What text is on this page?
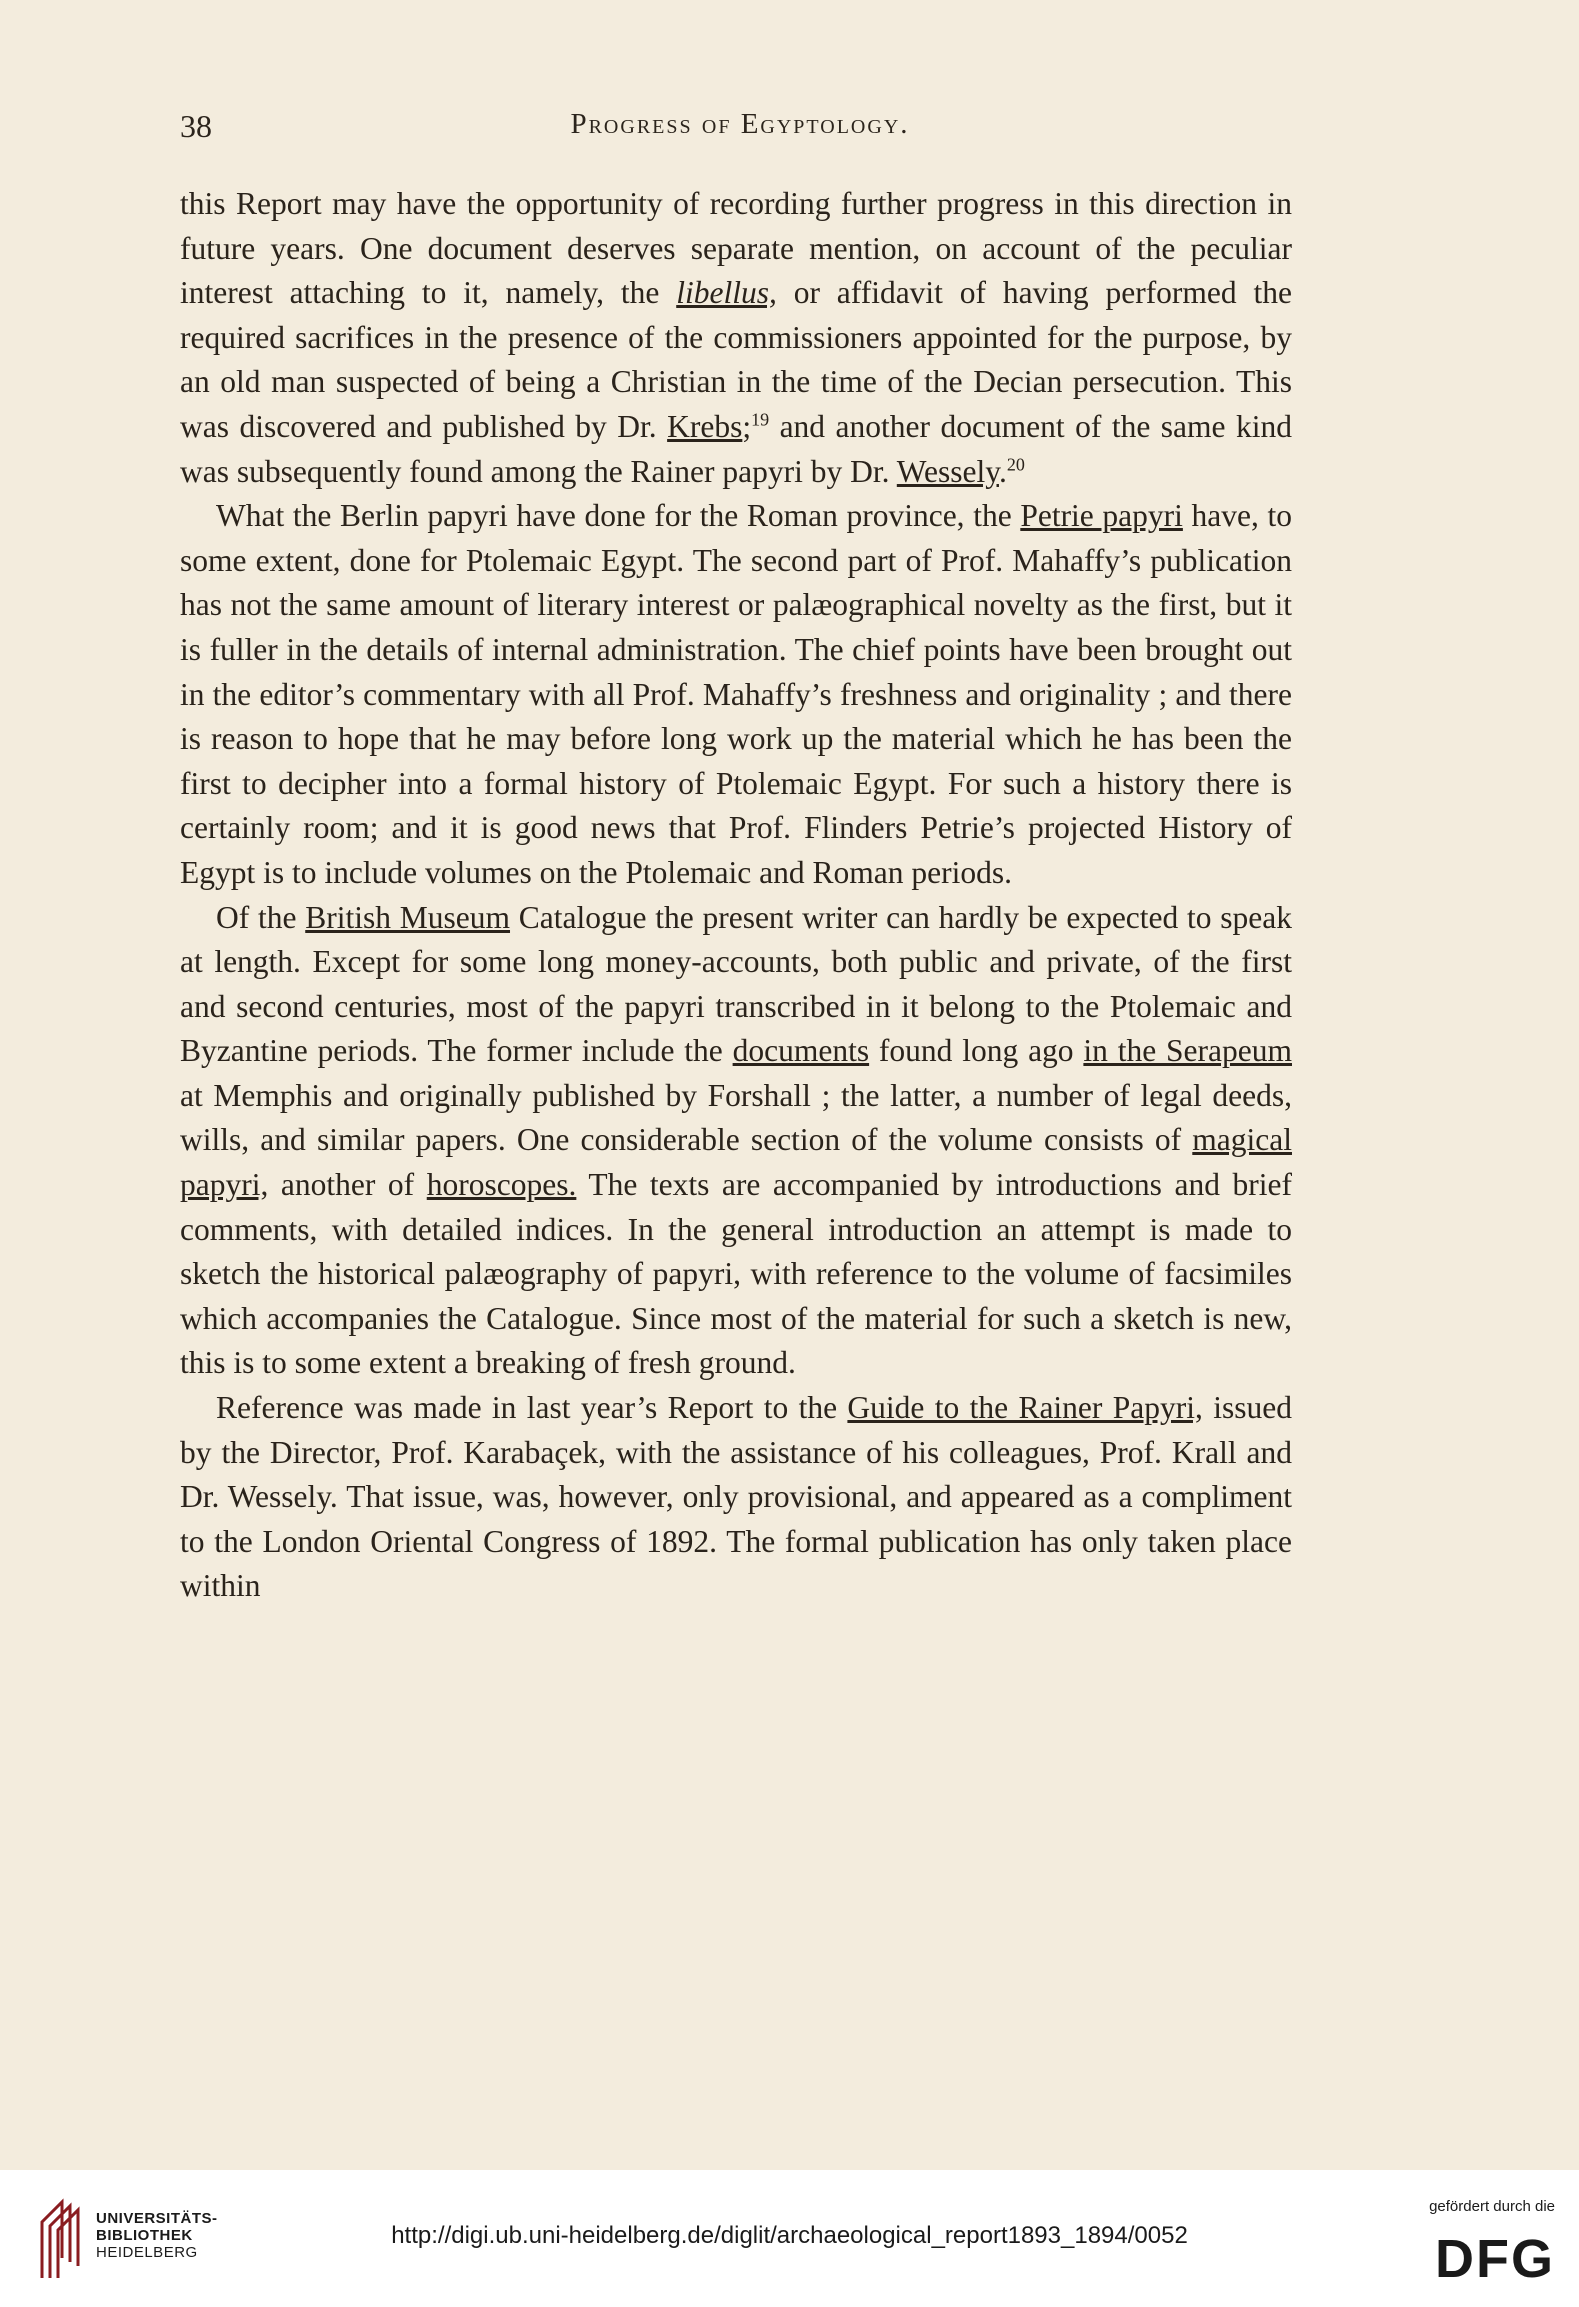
38	Progress of Egyptology.

this Report may have the opportunity of recording further progress in this direction in future years. One document deserves separate mention, on account of the peculiar interest attaching to it, namely, the libellus, or affidavit of having performed the required sacrifices in the presence of the commissioners appointed for the purpose, by an old man suspected of being a Christian in the time of the Decian persecution. This was discovered and published by Dr. Krebs;$^{19}$ and another document of the same kind was subsequently found among the Rainer papyri by Dr. Wessely.$^{20}$

What the Berlin papyri have done for the Roman province, the Petrie papyri have, to some extent, done for Ptolemaic Egypt. The second part of Prof. Mahaffy’s publication has not the same amount of literary interest or palæographical novelty as the first, but it is fuller in the details of internal administration. The chief points have been brought out in the editor’s commentary with all Prof. Mahaffy’s freshness and originality ; and there is reason to hope that he may before long work up the material which he has been the first to decipher into a formal history of Ptolemaic Egypt. For such a history there is certainly room; and it is good news that Prof. Flinders Petrie’s projected History of Egypt is to include volumes on the Ptolemaic and Roman periods.

Of the British Museum Catalogue the present writer can hardly be expected to speak at length. Except for some long money-accounts, both public and private, of the first and second centuries, most of the papyri transcribed in it belong to the Ptolemaic and Byzantine periods. The former include the documents found long ago in the Serapeum at Memphis and originally published by Forshall ; the latter, a number of legal deeds, wills, and similar papers. One considerable section of the volume consists of magical papyri, another of horoscopes. The texts are accompanied by introductions and brief comments, with detailed indices. In the general introduction an attempt is made to sketch the historical palæography of papyri, with reference to the volume of facsimiles which accompanies the Catalogue. Since most of the material for such a sketch is new, this is to some extent a breaking of fresh ground.

Reference was made in last year’s Report to the Guide to the Rainer Papyri, issued by the Director, Prof. Karabaçek, with the assistance of his colleagues, Prof. Krall and Dr. Wessely. That issue, was, however, only provisional, and appeared as a compliment to the London Oriental Congress of 1892. The formal publication has only taken place within

UNIVERSITÄTS-
BIBLIOTHEK
HEIDELBERG
http://digi.ub.uni-heidelberg.de/diglit/archaeological_report1893_1894/0052
gefördert durch die
DFG
